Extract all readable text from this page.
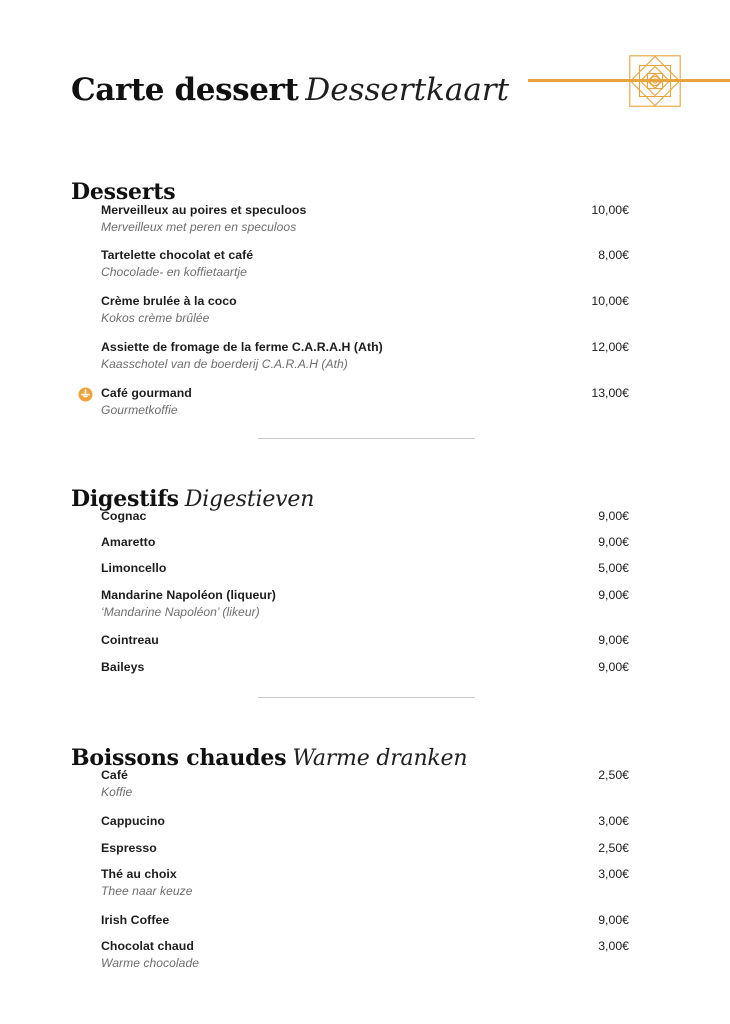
Carte dessert Dessertkaart
Desserts
Merveilleux au poires et speculoos
Merveilleux met peren en speculoos
10,00€
Tartelette chocolat et café
Chocolade- en koffietaartje
8,00€
Crème brulée à la coco
Kokos crème brûlée
10,00€
Assiette de fromage de la ferme C.A.R.A.H (Ath)
Kaasschotel van de boerderij C.A.R.A.H (Ath)
12,00€
Café gourmand
Gourmetkoffie
13,00€
Digestifs Digestieven
Cognac	9,00€
Amaretto	9,00€
Limoncello	5,00€
Mandarine Napoléon (liqueur)
‘Mandarine Napoléon’ (likeur)
9,00€
Cointreau	9,00€
Baileys	9,00€
Boissons chaudes Warme dranken
Café
Koffie
2,50€
Cappucino	3,00€
Espresso	2,50€
Thé au choix
Thee naar keuze
3,00€
Irish Coffee	9,00€
Chocolat chaud
Warme chocolade
3,00€
